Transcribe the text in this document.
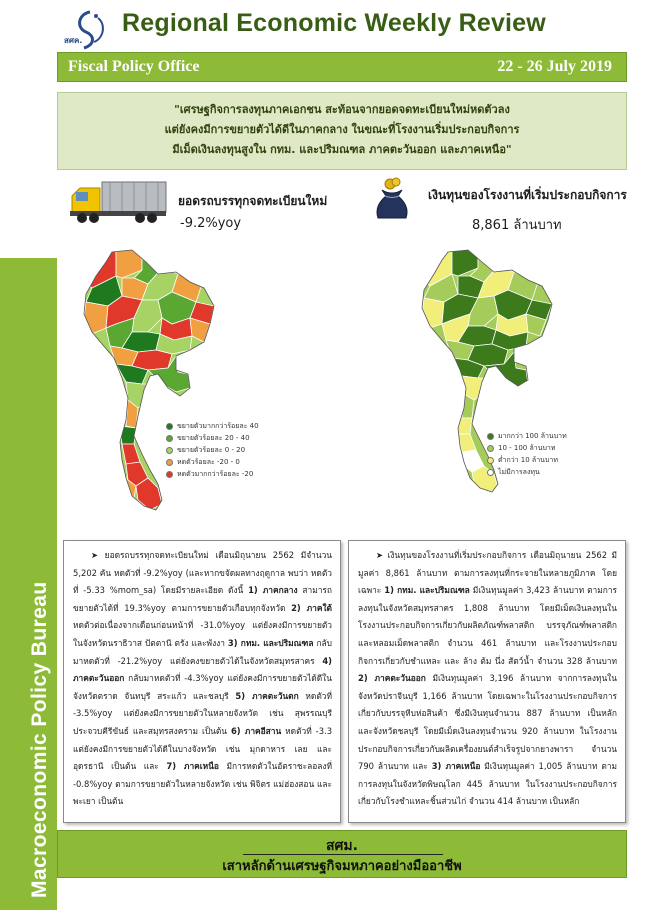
สศค.
Regional Economic Weekly Review
Fiscal Policy Office	22 - 26 July 2019
"เศรษฐกิจการลงทุนภาคเอกชน สะท้อนจากยอดจดทะเบียนใหม่หดตัวลง
แต่ยังคงมีการขยายตัวได้ดีในภาคกลาง ในขณะที่โรงงานเริ่มประกอบกิจการ
มีเม็ดเงินลงทุนสูงใน กทม. และปริมณฑล ภาคตะวันออก และภาคเหนือ"
Macroeconomic Policy Bureau
ยอดรถบรรทุกจดทะเบียนใหม่
-9.2%yoy
เงินทุนของโรงงานที่เริ่มประกอบกิจการ
8,861 ล้านบาท
ขยายตัวมากกว่าร้อยละ 40
ขยายตัวร้อยละ 20 - 40
ขยายตัวร้อยละ 0 - 20
หดตัวร้อยละ -20 - 0
หดตัวมากกว่าร้อยละ -20
มากกว่า 100 ล้านบาท
10 - 100 ล้านบาท
ต่ำกว่า 10 ล้านบาท
ไม่มีการลงทุน

➤ ยอดรถบรรทุกจดทะเบียนใหม่ เดือนมิถุนายน 2562 มีจำนวน 5,202 คัน หดตัวที่ -9.2%yoy (และหากขจัดผลทางฤดูกาล พบว่า หดตัวที่ -5.33 %mom_sa) โดยมีรายละเอียด ดังนี้ 1) ภาคกลาง สามารถขยายตัวได้ที่ 19.3%yoy ตามการขยายตัวเกือบทุกจังหวัด 2) ภาคใต้ หดตัวต่อเนื่องจากเดือนก่อนหน้าที่ -31.0%yoy แต่ยังคงมีการขยายตัวในจังหวัดนราธิวาส ปัตตานี ตรัง และพังงา 3) กทม. และปริมณฑล กลับมาหดตัวที่ -21.2%yoy แต่ยังคงขยายตัวได้ในจังหวัดสมุทรสาคร 4) ภาคตะวันออก กลับมาหดตัวที่ -4.3%yoy แต่ยังคงมีการขยายตัวได้ดีในจังหวัดตราด จันทบุรี สระแก้ว และชลบุรี 5) ภาคตะวันตก หดตัวที่ -3.5%yoy แต่ยังคงมีการขยายตัวในหลายจังหวัด เช่น สุพรรณบุรี ประจวบคีรีขันธ์ และสมุทรสงคราม เป็นต้น 6) ภาคอีสาน หดตัวที่ -3.3 แต่ยังคงมีการขยายตัวได้ดีในบางจังหวัด เช่น มุกดาหาร เลย และอุดรธานี เป็นต้น และ 7) ภาคเหนือ มีการหดตัวในอัตราชะลอลงที่ -0.8%yoy ตามการขยายตัวในหลายจังหวัด เช่น พิจิตร แม่ฮ่องสอน และพะเยา เป็นต้น

➤ เงินทุนของโรงงานที่เริ่มประกอบกิจการ เดือนมิถุนายน 2562 มีมูลค่า 8,861 ล้านบาท ตามการลงทุนที่กระจายในหลายภูมิภาค โดยเฉพาะ 1) กทม. และปริมณฑล มีเงินทุนมูลค่า 3,423 ล้านบาท ตามการลงทุนในจังหวัดสมุทรสาคร 1,808 ล้านบาท โดยมีเม็ดเงินลงทุนในโรงงานประกอบกิจการเกี่ยวกับผลิตภัณฑ์พลาสติก บรรจุภัณฑ์พลาสติก และหลอมเม็ดพลาสติก จำนวน 461 ล้านบาท และโรงงานประกอบกิจการเกี่ยวกับชำแหละ และ ล้าง ต้ม นึ่ง สัตว์น้ำ จำนวน 328 ล้านบาท 2) ภาคตะวันออก มีเงินทุนมูลค่า 3,196 ล้านบาท จากการลงทุนในจังหวัดปราจีนบุรี 1,166 ล้านบาท โดยเฉพาะในโรงงานประกอบกิจการเกี่ยวกับบรรจุหีบห่อสินค้า ซึ่งมีเงินทุนจำนวน 887 ล้านบาท เป็นหลัก และจังหวัดชลบุรี โดยมีเม็ดเงินลงทุนจำนวน 920 ล้านบาท ในโรงงานประกอบกิจการเกี่ยวกับผลิตเครื่องยนต์สำเร็จรูปจากยางพารา จำนวน 790 ล้านบาท และ 3) ภาคเหนือ มีเงินทุนมูลค่า 1,005 ล้านบาท ตามการลงทุนในจังหวัดพิษณุโลก 445 ล้านบาท ในโรงงานประกอบกิจการเกี่ยวกับโรงชำแหละชิ้นส่วนไก่ จำนวน 414 ล้านบาท เป็นหลัก

สศม.
เสาหลักด้านเศรษฐกิจมหภาคอย่างมืออาชีพ
